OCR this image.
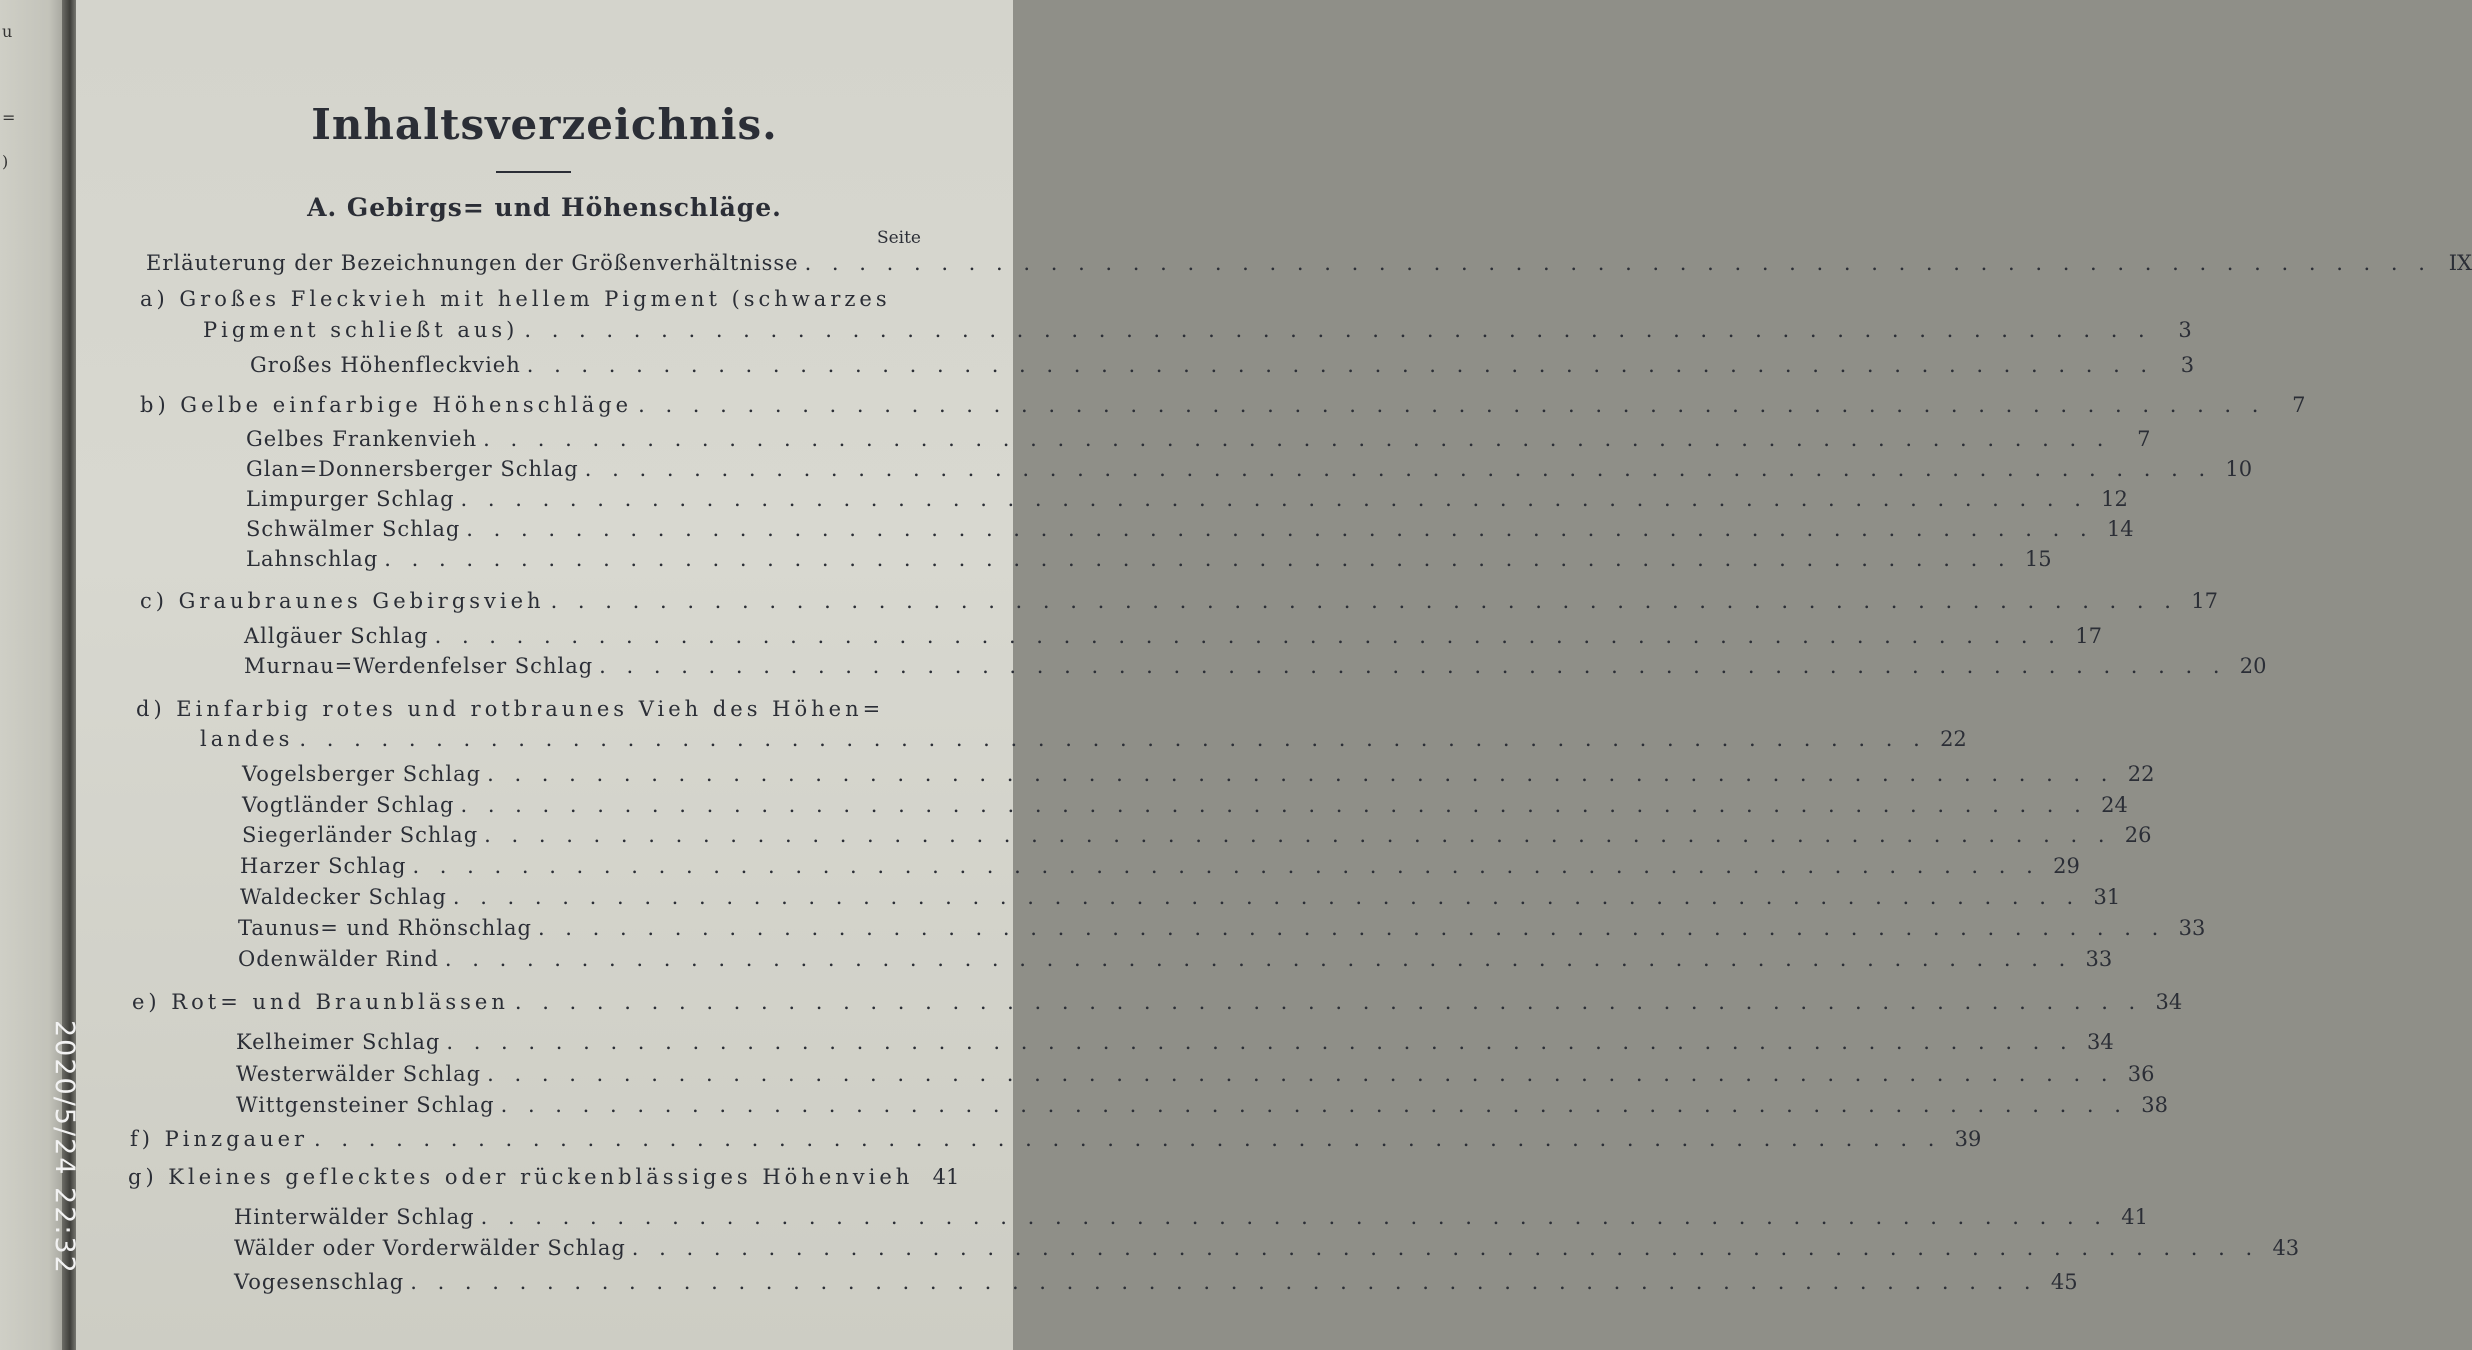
u
=
)
Inhaltsverzeichnis.
A. Gebirgs= und Höhenschläge.
Seite
Erläuterung der Bezeichnungen der Größenverhältnisse . . . . . . . . . . . . . . . . . . . . . . . . . . . . . . . . . . . . . . . . . . . . . . . . . . . . . . . . . . . . IX
a) Großes Fleckvieh mit hellem Pigment (schwarzes
Pigment schließt aus) . . . . . . . . . . . . . . . . . . . . . . . . . . . . . . . . . . . . . . . . . . . . . . . . . . . . . . . . . . . .	3
Großes Höhenfleckvieh . . . . . . . . . . . . . . . . . . . . . . . . . . . . . . . . . . . . . . . . . . . . . . . . . . . . . . . . . . . .	3
b) Gelbe einfarbige Höhenschläge . . . . . . . . . . . . . . . . . . . . . . . . . . . . . . . . . . . . . . . . . . . . . . . . . . . . . . . . . . . .	7
Gelbes Frankenvieh . . . . . . . . . . . . . . . . . . . . . . . . . . . . . . . . . . . . . . . . . . . . . . . . . . . . . . . . . . . .	7
Glan=Donnersberger Schlag . . . . . . . . . . . . . . . . . . . . . . . . . . . . . . . . . . . . . . . . . . . . . . . . . . . . . . . . . . . . 10
Limpurger Schlag . . . . . . . . . . . . . . . . . . . . . . . . . . . . . . . . . . . . . . . . . . . . . . . . . . . . . . . . . . . . 12
Schwälmer Schlag . . . . . . . . . . . . . . . . . . . . . . . . . . . . . . . . . . . . . . . . . . . . . . . . . . . . . . . . . . . . 14
Lahnschlag . . . . . . . . . . . . . . . . . . . . . . . . . . . . . . . . . . . . . . . . . . . . . . . . . . . . . . . . . . . . 15
c) Graubraunes Gebirgsvieh . . . . . . . . . . . . . . . . . . . . . . . . . . . . . . . . . . . . . . . . . . . . . . . . . . . . . . . . . . . . 17
Allgäuer Schlag . . . . . . . . . . . . . . . . . . . . . . . . . . . . . . . . . . . . . . . . . . . . . . . . . . . . . . . . . . . . 17
Murnau=Werdenfelser Schlag . . . . . . . . . . . . . . . . . . . . . . . . . . . . . . . . . . . . . . . . . . . . . . . . . . . . . . . . . . . . 20
d) Einfarbig rotes und rotbraunes Vieh des Höhen=
landes . . . . . . . . . . . . . . . . . . . . . . . . . . . . . . . . . . . . . . . . . . . . . . . . . . . . . . . . . . . . 22
Vogelsberger Schlag . . . . . . . . . . . . . . . . . . . . . . . . . . . . . . . . . . . . . . . . . . . . . . . . . . . . . . . . . . . . 22
Vogtländer Schlag . . . . . . . . . . . . . . . . . . . . . . . . . . . . . . . . . . . . . . . . . . . . . . . . . . . . . . . . . . . . 24
Siegerländer Schlag . . . . . . . . . . . . . . . . . . . . . . . . . . . . . . . . . . . . . . . . . . . . . . . . . . . . . . . . . . . . 26
Harzer Schlag . . . . . . . . . . . . . . . . . . . . . . . . . . . . . . . . . . . . . . . . . . . . . . . . . . . . . . . . . . . . 29
Waldecker Schlag . . . . . . . . . . . . . . . . . . . . . . . . . . . . . . . . . . . . . . . . . . . . . . . . . . . . . . . . . . . . 31
Taunus= und Rhönschlag . . . . . . . . . . . . . . . . . . . . . . . . . . . . . . . . . . . . . . . . . . . . . . . . . . . . . . . . . . . . 33
Odenwälder Rind . . . . . . . . . . . . . . . . . . . . . . . . . . . . . . . . . . . . . . . . . . . . . . . . . . . . . . . . . . . . 33
e) Rot= und Braunblässen . . . . . . . . . . . . . . . . . . . . . . . . . . . . . . . . . . . . . . . . . . . . . . . . . . . . . . . . . . . . 34
Kelheimer Schlag . . . . . . . . . . . . . . . . . . . . . . . . . . . . . . . . . . . . . . . . . . . . . . . . . . . . . . . . . . . . 34
Westerwälder Schlag . . . . . . . . . . . . . . . . . . . . . . . . . . . . . . . . . . . . . . . . . . . . . . . . . . . . . . . . . . . . 36
Wittgensteiner Schlag . . . . . . . . . . . . . . . . . . . . . . . . . . . . . . . . . . . . . . . . . . . . . . . . . . . . . . . . . . . . 38
f) Pinzgauer . . . . . . . . . . . . . . . . . . . . . . . . . . . . . . . . . . . . . . . . . . . . . . . . . . . . . . . . . . . . 39
g) Kleines geflecktes oder rückenblässiges Höhenvieh 41
Hinterwälder Schlag . . . . . . . . . . . . . . . . . . . . . . . . . . . . . . . . . . . . . . . . . . . . . . . . . . . . . . . . . . . . 41
Wälder oder Vorderwälder Schlag . . . . . . . . . . . . . . . . . . . . . . . . . . . . . . . . . . . . . . . . . . . . . . . . . . . . . . . . . . . . 43
Vogesenschlag . . . . . . . . . . . . . . . . . . . . . . . . . . . . . . . . . . . . . . . . . . . . . . . . . . . . . . . . . . . . 45
2020/5/24 22:32
